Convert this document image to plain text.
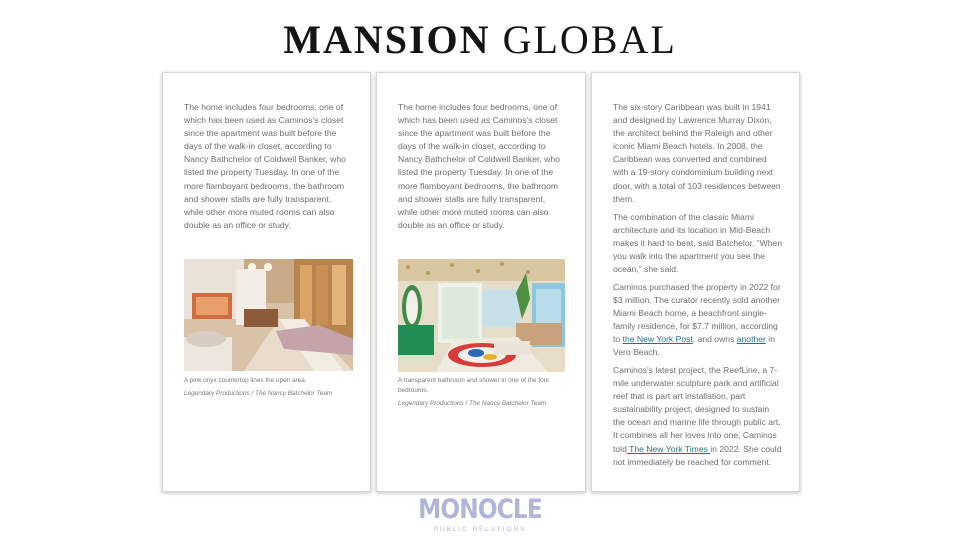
MANSION GLOBAL
The home includes four bedrooms, one of which has been used as Caminos’s closet since the apartment was built before the days of the walk-in closet, according to Nancy Bathchelor of Coldwell Banker, who listed the property Tuesday. In one of the more flamboyant bedrooms, the bathroom and shower stalls are fully transparent, while other more muted rooms can also double as an office or study.
A pink onyx countertop lines the open area.
Legendary Productions / The Nancy Batchelor Team
The home includes four bedrooms, one of which has been used as Caminos’s closet since the apartment was built before the days of the walk-in closet, according to Nancy Bathchelor of Coldwell Banker, who listed the property Tuesday. In one of the more flamboyant bedrooms, the bathroom and shower stalls are fully transparent, while other more muted rooms can also double as an office or study.
A transparent bathroom and shower in one of the four bedrooms.
Legendary Productions / The Nancy Batchelor Team
The six-story Caribbean was built in 1941 and designed by Lawrence Murray Dixon, the architect behind the Raleigh and other iconic Miami Beach hotels. In 2008, the Caribbean was converted and combined with a 19-story condominium building next door, with a total of 103 residences between them.
The combination of the classic Miami architecture and its location in Mid-Beach makes it hard to beat, said Batchelor. “When you walk into the apartment you see the ocean,” she said.
Caminos purchased the property in 2022 for $3 million. The curator recently sold another Miami Beach home, a beachfront single-family residence, for $7.7 million, according to the New York Post, and owns another in Vero Beach.
Caminos’s latest project, the ReefLine, a 7-mile underwater sculpture park and artificial reef that is part art installation, part sustainability project, designed to sustain the ocean and marine life through public art. It combines all her loves into one, Caminos told The New York Times in 2022. She could not immediately be reached for comment.
MONOCLE
PUBLIC RELATIONS
